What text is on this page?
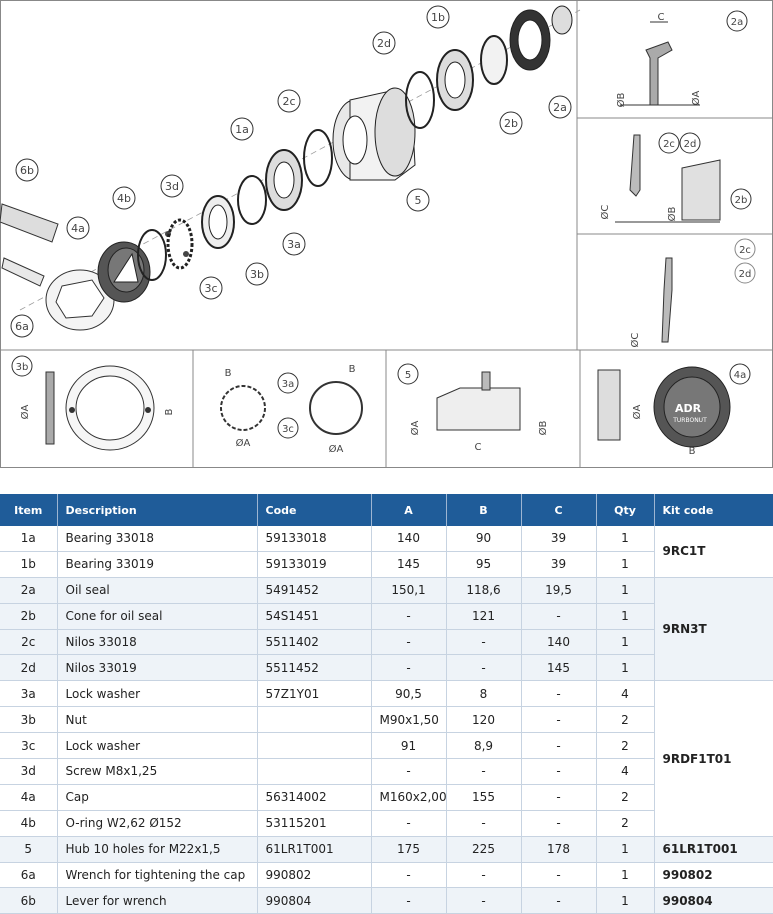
6b
4a
4b
3d
6a
3c
3b
3a
1a
2c
2d
1b
2b
2a
5
2a
C
ØB	ØA
2c 2d
2b
ØC	ØB
2c
2d
ØC
3b
ØA	B
3a
3c
B	B
ØA
ØA
5
ØA	ØB
C
4a
ØA
B
ADR
TURBONUT
Item	Description	Code	A	B	C	Qty	Kit code
1a	Bearing 33018	59133018	140	90	39	1	9RC1T
1b	Bearing 33019	59133019	145	95	39	1	
2a	Oil seal	5491452	150,1	118,6	19,5	1	9RN3T
2b	Cone for oil seal	54S1451	-	121	-	1	
2c	Nilos 33018	5511402	-	-	140	1	
2d	Nilos 33019	5511452	-	-	145	1	
3a	Lock washer	57Z1Y01	90,5	8	-	4	9RDF1T01
3b	Nut		M90x1,50	120	-	2	
3c	Lock washer		91	8,9	-	2	
3d	Screw M8x1,25		-	-	-	4	
4a	Cap	56314002	M160x2,00	155	-	2	
4b	O-ring W2,62 Ø152	53115201	-	-	-	2	
5	Hub 10 holes for M22x1,5	61LR1T001	175	225	178	1	61LR1T001
6a	Wrench for tightening the cap	990802	-	-	-	1	990802
6b	Lever for wrench	990804	-	-	-	1	990804
